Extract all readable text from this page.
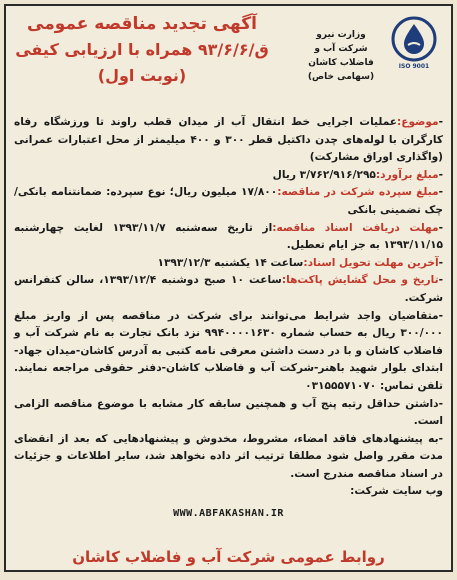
ISO 9001
وزارت نیرو
شرکت آب و فاضلاب کاشان
(سهامی خاص)
آگهی تجدید مناقصه عمومی
ق/۹۳/۶/۶ همراه با ارزیابی کیفی
(نوبت اول)

- موضوع:عملیات اجرایی خط انتقال آب از میدان قطب راوند تا ورزشگاه رفاه کارگران با لوله‌های چدن داکتیل قطر ۳۰۰ و ۴۰۰ میلیمتر از محل اعتبارات عمرانی (واگذاری اوراق مشارکت)

- مبلغ برآورد:۳/۷۶۲/۹۱۶/۲۹۵ ریال

- مبلغ سپرده شرکت در مناقصه:۱۷/۸۰۰ میلیون ریال؛ نوع سپرده: ضمانتنامه بانکی/ چک تضمینی بانکی

- مهلت دریافت اسناد مناقصه:از تاریخ سه‌شنبه ۱۳۹۳/۱۱/۷ لغایت چهارشنبه ۱۳۹۳/۱۱/۱۵ به جز ایام تعطیل.

- آخرین مهلت تحویل اسناد:ساعت ۱۴ یکشنبه ۱۳۹۳/۱۲/۳

- تاریخ و محل گشایش پاکت‌ها:ساعت ۱۰ صبح دوشنبه ۱۳۹۳/۱۲/۴، سالن کنفرانس شرکت.

-متقاضیان واجد شرایط می‌توانند برای شرکت در مناقصه پس از واریز مبلغ ۳۰۰/۰۰۰ ریال به حساب شماره ۹۹۴۰۰۰۰۱۶۳۰ نزد بانک تجارت به نام شرکت آب و فاضلاب کاشان و با در دست داشتن معرفی نامه کتبی به آدرس کاشان-میدان جهاد-ابتدای بلوار شهید باهنر-شرکت آب و فاضلاب کاشان-دفتر حقوقی مراجعه نمایند. تلفن تماس: ۰۳۱۵۵۵۷۱۰۷۰

-داشتن حداقل رتبه پنج آب و همچنین سابقه کار مشابه با موضوع مناقصه الزامی است.

-به پیشنهادهای فاقد امضاء، مشروط، مخدوش و پیشنهادهایی که بعد از انقضای مدت مقرر واصل شود مطلقا ترتیب اثر داده نخواهد شد، سایر اطلاعات و جزئیات در اسناد مناقصه مندرج است.

وب سایت شرکت:

WWW.ABFAKASHAN.IR
روابط عمومی شرکت آب و فاضلاب کاشان
